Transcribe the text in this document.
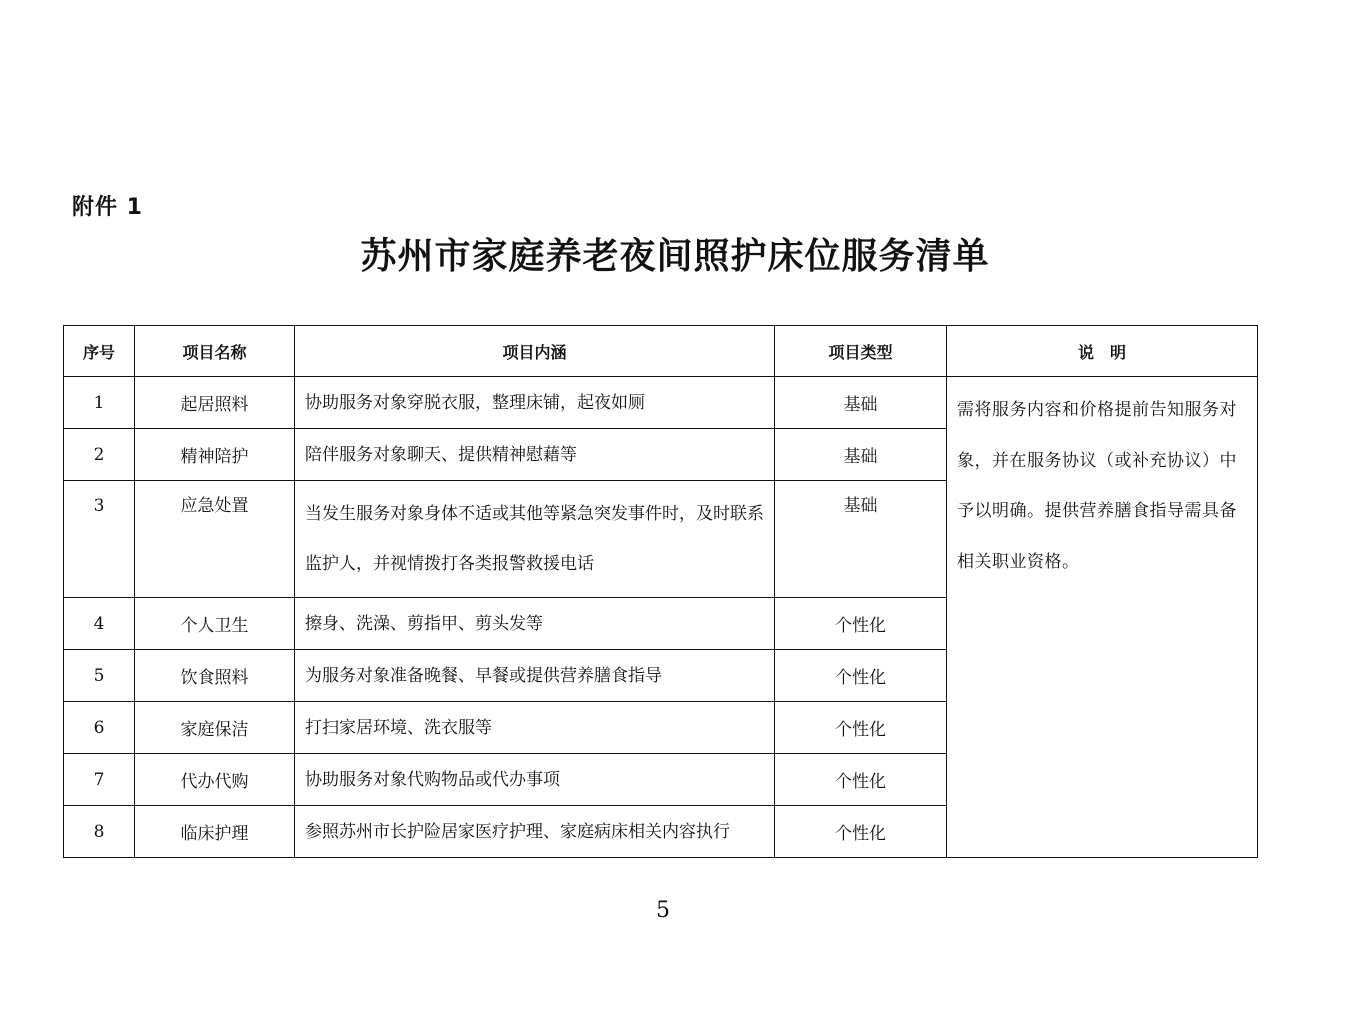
附件 1
苏州市家庭养老夜间照护床位服务清单
序号	项目名称	项目内涵	项目类型	说　明
1	起居照料	协助服务对象穿脱衣服，整理床铺，起夜如厕	基础	需将服务内容和价格提前告知服务对象，并在服务协议（或补充协议）中予以明确。提供营养膳食指导需具备相关职业资格。
2	精神陪护	陪伴服务对象聊天、提供精神慰藉等	基础	
3	应急处置	当发生服务对象身体不适或其他等紧急突发事件时，及时联系监护人，并视情拨打各类报警救援电话	基础	
4	个人卫生	擦身、洗澡、剪指甲、剪头发等	个性化	
5	饮食照料	为服务对象准备晚餐、早餐或提供营养膳食指导	个性化	
6	家庭保洁	打扫家居环境、洗衣服等	个性化	
7	代办代购	协助服务对象代购物品或代办事项	个性化	
8	临床护理	参照苏州市长护险居家医疗护理、家庭病床相关内容执行	个性化	
5
